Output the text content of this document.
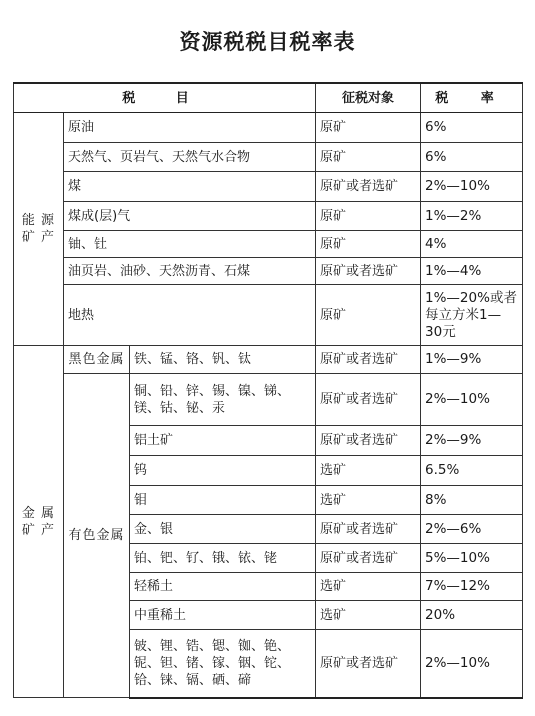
资源税税目税率表
税 目			征税对象	税 率
能 源
矿 产	原油		原矿	6%
	天然气、页岩气、天然气水合物		原矿	6%
	煤		原矿或者选矿	2%—10%
	煤成(层)气		原矿	1%—2%
	铀、钍		原矿	4%
	油页岩、油砂、天然沥青、石煤		原矿或者选矿	1%—4%
	地热		原矿	1%—20%或者每立方米1—30元
金 属
矿 产	黑色金属	铁、锰、铬、钒、钛	原矿或者选矿	1%—9%
	有色金属	铜、铅、锌、锡、镍、锑、镁、钴、铋、汞	原矿或者选矿	2%—10%
		铝土矿	原矿或者选矿	2%—9%
		钨	选矿	6.5%
		钼	选矿	8%
		金、银	原矿或者选矿	2%—6%
		铂、钯、钌、锇、铱、铑	原矿或者选矿	5%—10%
		轻稀土	选矿	7%—12%
		中重稀土	选矿	20%
		铍、锂、锆、锶、铷、铯、铌、钽、锗、镓、铟、铊、铪、铼、镉、硒、碲	原矿或者选矿	2%—10%
